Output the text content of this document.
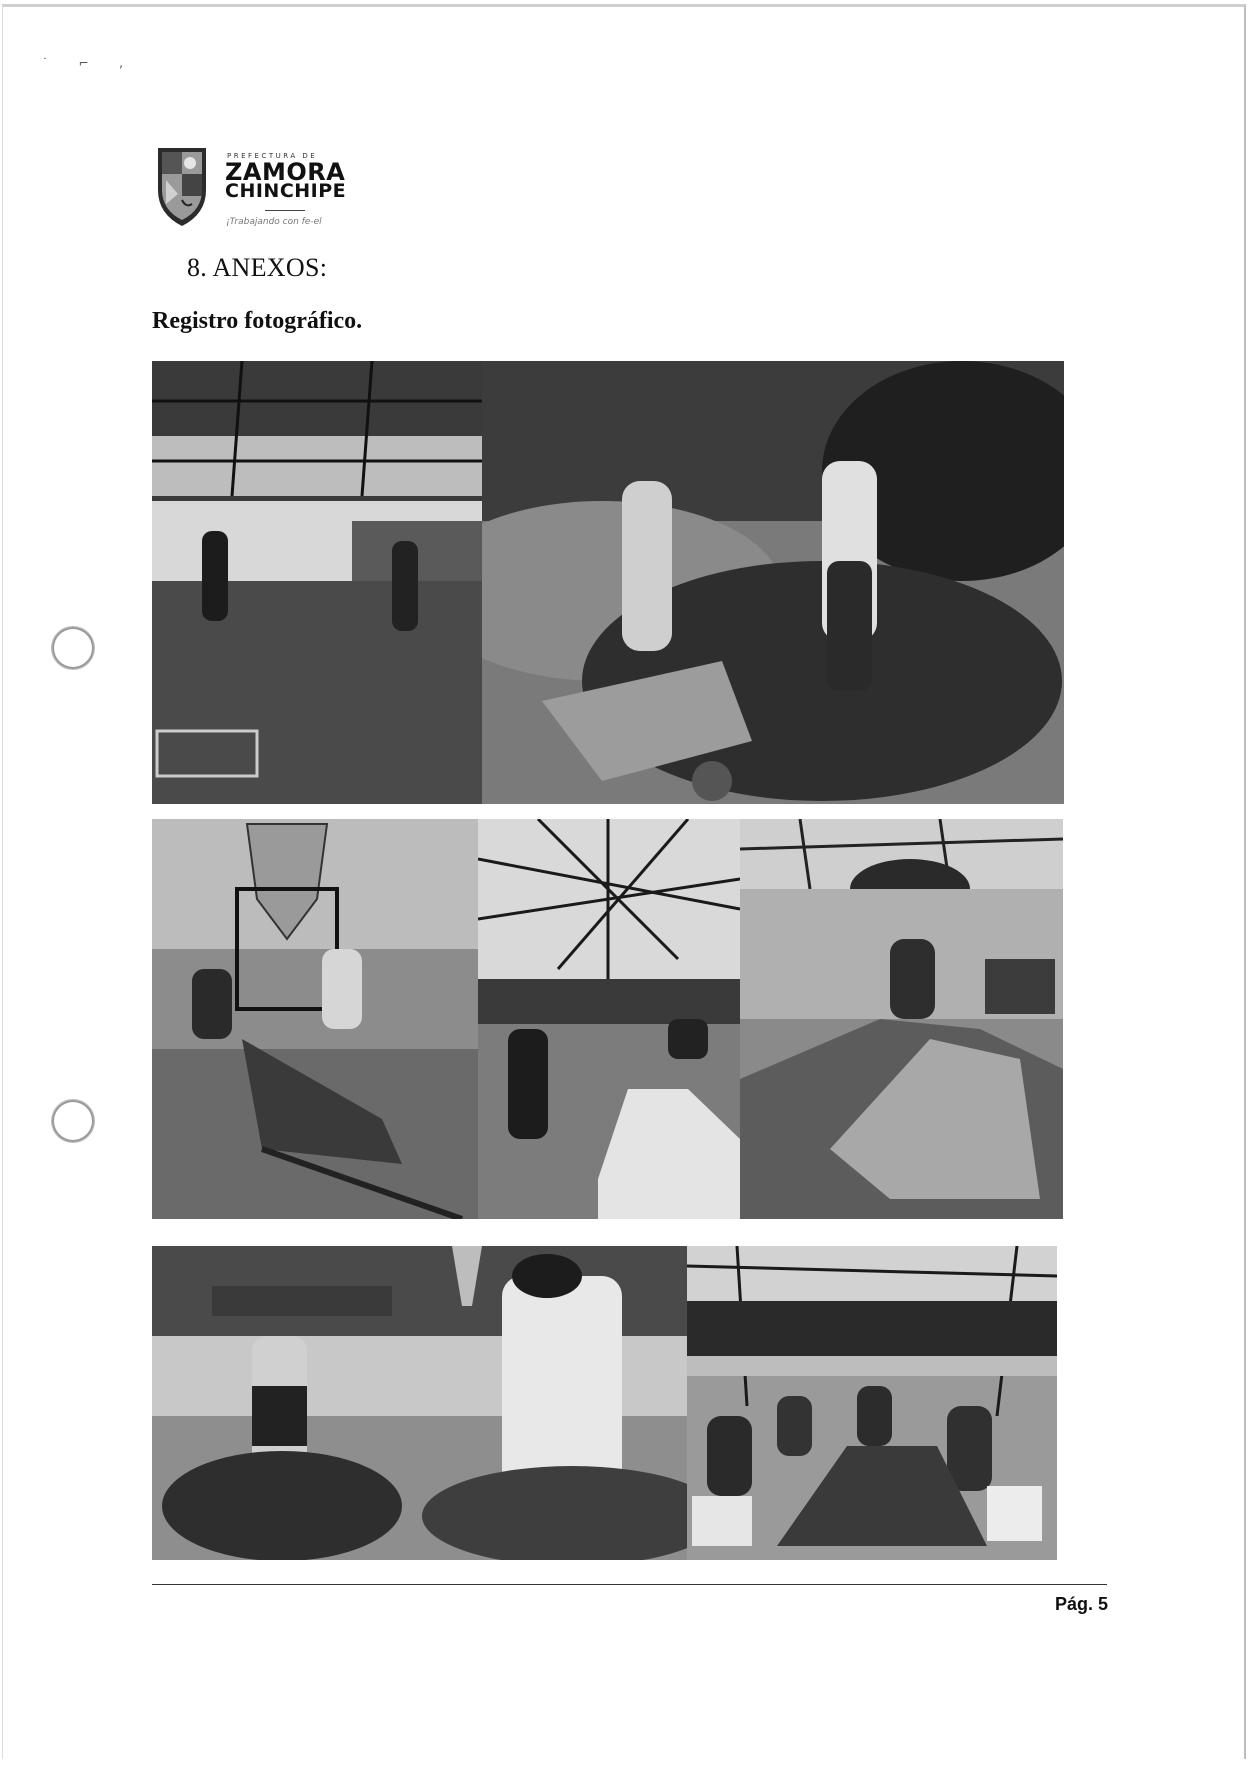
˙        ⌐        ,
PREFECTURA DE
ZAMORA
CHINCHIPE
¡Trabajando con fe-el
8. ANEXOS:
Registro fotográfico.
Pág. 5
